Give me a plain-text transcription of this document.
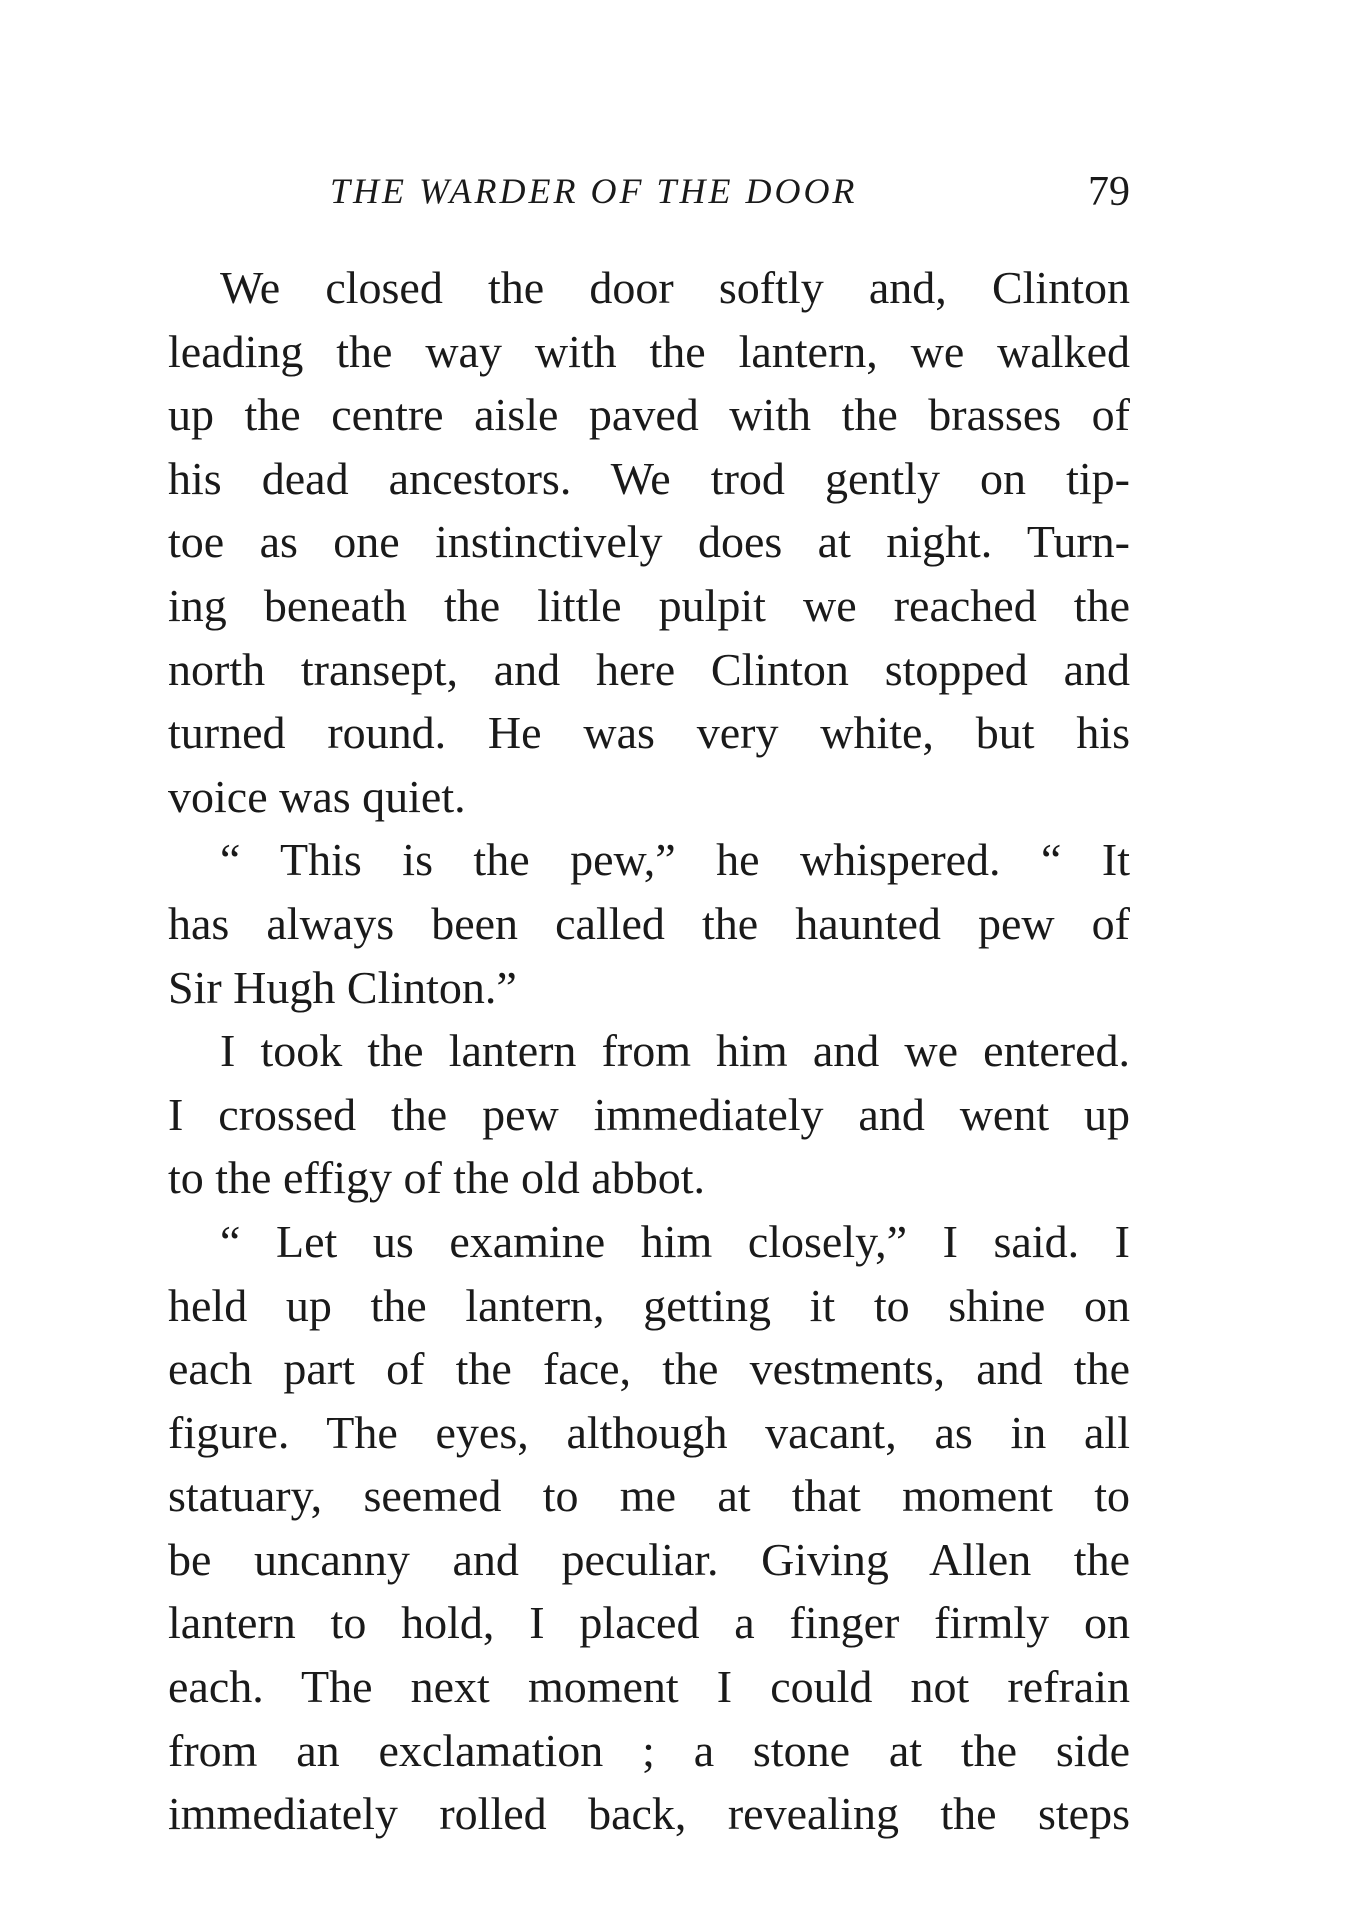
THE WARDER OF THE DOOR	79
We closed the door softly and, Clinton
leading the way with the lantern, we walked
up the centre aisle paved with the brasses of
his dead ancestors. We trod gently on tip-
toe as one instinctively does at night. Turn-
ing beneath the little pulpit we reached the
north transept, and here Clinton stopped and
turned round. He was very white, but his
voice was quiet.
“ This is the pew,” he whispered. “ It
has always been called the haunted pew of
Sir Hugh Clinton.”
I took the lantern from him and we entered.
I crossed the pew immediately and went up
to the effigy of the old abbot.
“ Let us examine him closely,” I said. I
held up the lantern, getting it to shine on
each part of the face, the vestments, and the
figure. The eyes, although vacant, as in all
statuary, seemed to me at that moment to
be uncanny and peculiar. Giving Allen the
lantern to hold, I placed a finger firmly on
each. The next moment I could not refrain
from an exclamation ; a stone at the side
immediately rolled back, revealing the steps
